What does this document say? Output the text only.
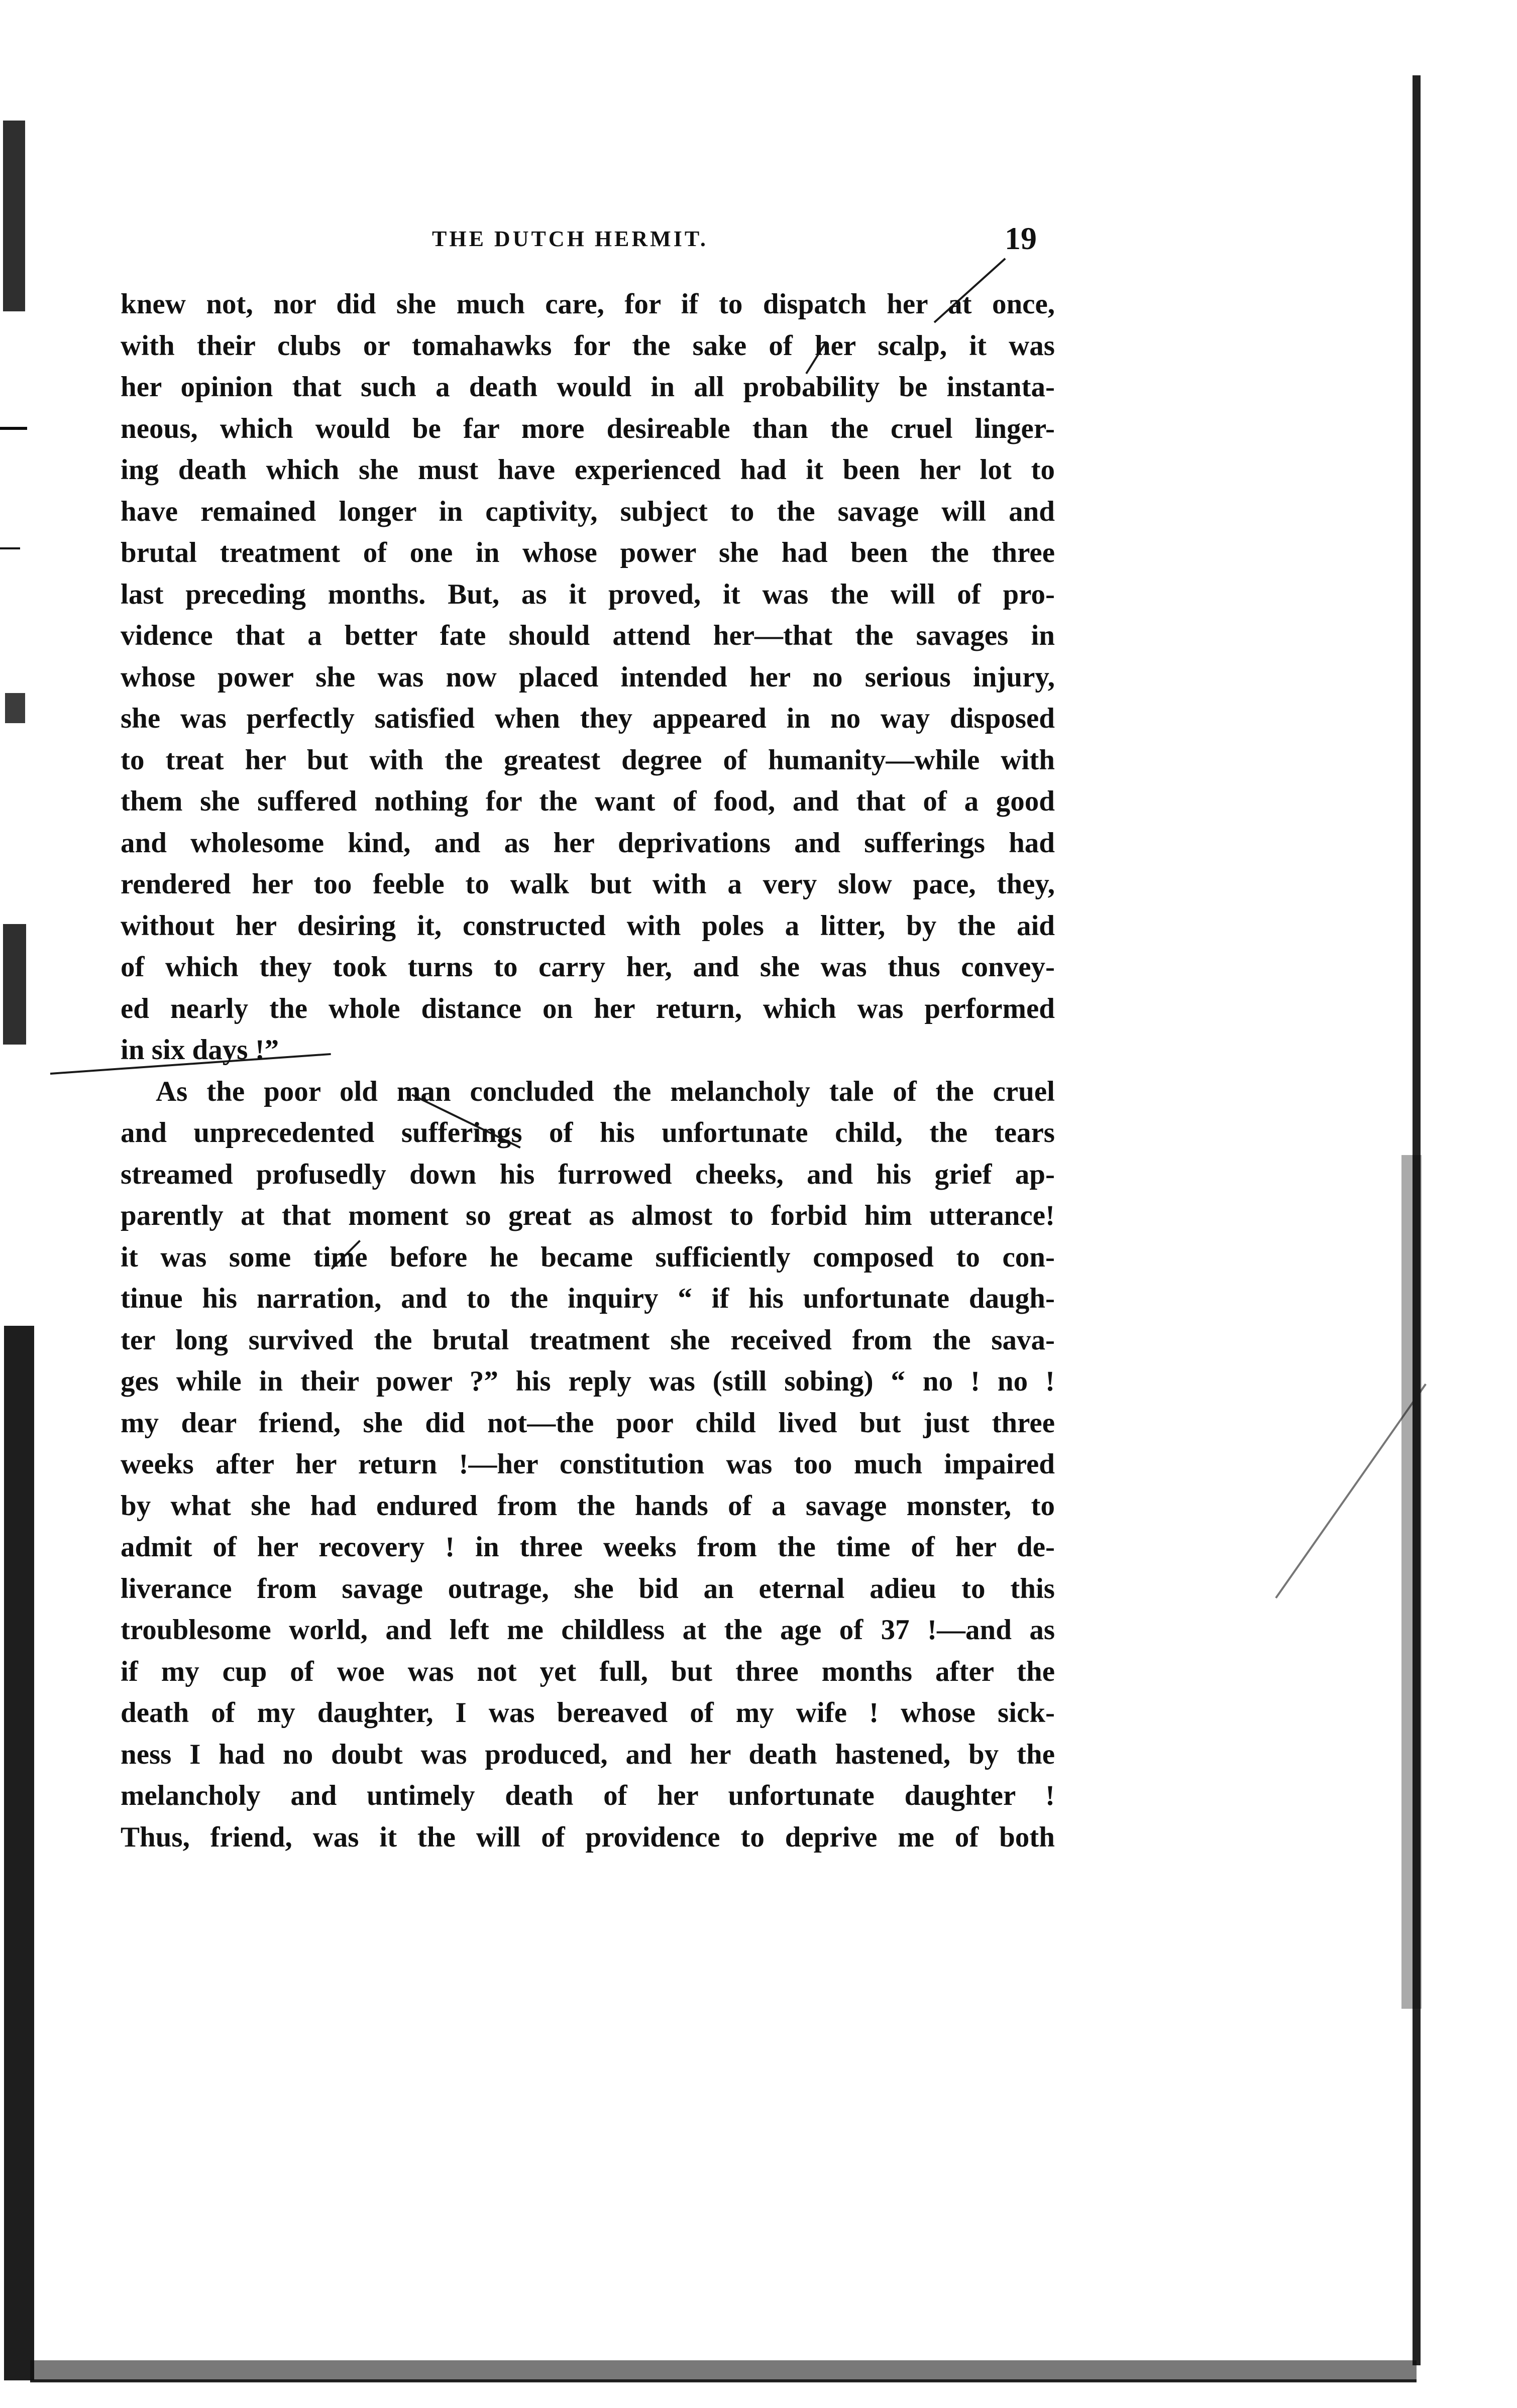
THE DUTCH HERMIT.	19
knew not, nor did she much care, for if to dispatch her at once,
with their clubs or tomahawks for the sake of her scalp, it was
her opinion that such a death would in all probability be instanta-
neous, which would be far more desireable than the cruel linger-
ing death which she must have experienced had it been her lot to
have remained longer in captivity, subject to the savage will and
brutal treatment of one in whose power she had been the three
last preceding months. But, as it proved, it was the will of pro-
vidence that a better fate should attend her—that the savages in
whose power she was now placed intended her no serious injury,
she was perfectly satisfied when they appeared in no way disposed
to treat her but with the greatest degree of humanity—while with
them she suffered nothing for the want of food, and that of a good
and wholesome kind, and as her deprivations and sufferings had
rendered her too feeble to walk but with a very slow pace, they,
without her desiring it, constructed with poles a litter, by the aid
of which they took turns to carry her, and she was thus convey-
ed nearly the whole distance on her return, which was performed
in six days !”
As the poor old man concluded the melancholy tale of the cruel
and unprecedented sufferings of his unfortunate child, the tears
streamed profusedly down his furrowed cheeks, and his grief ap-
parently at that moment so great as almost to forbid him utterance!
it was some time before he became sufficiently composed to con-
tinue his narration, and to the inquiry “ if his unfortunate daugh-
ter long survived the brutal treatment she received from the sava-
ges while in their power ?” his reply was (still sobing) “ no ! no !
my dear friend, she did not—the poor child lived but just three
weeks after her return !—her constitution was too much impaired
by what she had endured from the hands of a savage monster, to
admit of her recovery ! in three weeks from the time of her de-
liverance from savage outrage, she bid an eternal adieu to this
troublesome world, and left me childless at the age of 37 !—and as
if my cup of woe was not yet full, but three months after the
death of my daughter, I was bereaved of my wife ! whose sick-
ness I had no doubt was produced, and her death hastened, by the
melancholy and untimely death of her unfortunate daughter !
Thus, friend, was it the will of providence to deprive me of both
